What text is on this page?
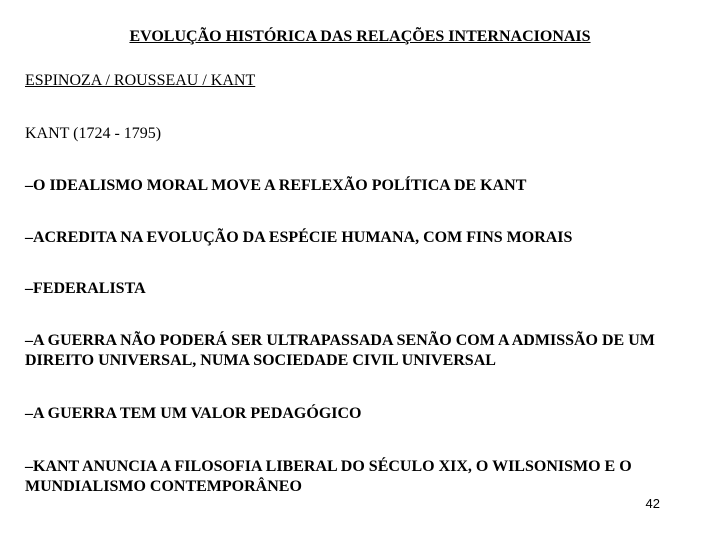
EVOLUÇÃO HISTÓRICA DAS RELAÇÕES INTERNACIONAIS
ESPINOZA / ROUSSEAU / KANT
KANT (1724 - 1795)
–O IDEALISMO MORAL MOVE A REFLEXÃO POLÍTICA DE KANT
–ACREDITA NA EVOLUÇÃO DA ESPÉCIE HUMANA, COM FINS MORAIS
–FEDERALISTA
–A GUERRA NÃO PODERÁ SER ULTRAPASSADA SENÃO COM A ADMISSÃO DE UM DIREITO UNIVERSAL, NUMA SOCIEDADE CIVIL UNIVERSAL
–A GUERRA TEM UM VALOR PEDAGÓGICO
–KANT ANUNCIA A FILOSOFIA LIBERAL DO SÉCULO XIX, O WILSONISMO E O MUNDIALISMO CONTEMPORÂNEO
42
